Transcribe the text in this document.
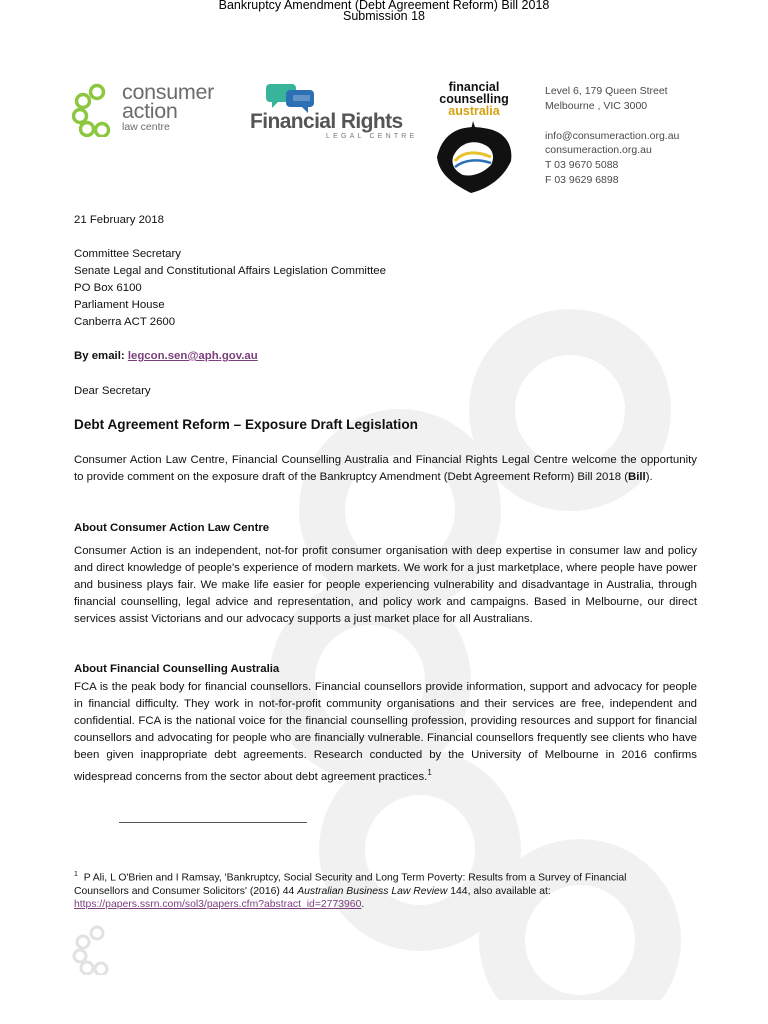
Bankruptcy Amendment (Debt Agreement Reform) Bill 2018
Submission 18
consumer
action
law centre	Financial Rights
LEGAL CENTRE
financial
counselling
australia
Level 6, 179 Queen Street
Melbourne , VIC 3000
info@consumeraction.org.au
consumeraction.org.au
T 03 9670 5088
F 03 9629 6898
21 February 2018
Committee Secretary
Senate Legal and Constitutional Affairs Legislation Committee
PO Box 6100
Parliament House
Canberra ACT 2600
By email: legcon.sen@aph.gov.au
Dear Secretary
Debt Agreement Reform – Exposure Draft Legislation
Consumer Action Law Centre, Financial Counselling Australia and Financial Rights Legal Centre welcome the opportunity to provide comment on the exposure draft of the Bankruptcy Amendment (Debt Agreement Reform) Bill 2018 (Bill).
About Consumer Action Law Centre
Consumer Action is an independent, not-for profit consumer organisation with deep expertise in consumer law and policy and direct knowledge of people's experience of modern markets. We work for a just marketplace, where people have power and business plays fair. We make life easier for people experiencing vulnerability and disadvantage in Australia, through financial counselling, legal advice and representation, and policy work and campaigns. Based in Melbourne, our direct services assist Victorians and our advocacy supports a just market place for all Australians.
About Financial Counselling Australia
FCA is the peak body for financial counsellors. Financial counsellors provide information, support and advocacy for people in financial difficulty. They work in not-for-profit community organisations and their services are free, independent and confidential. FCA is the national voice for the financial counselling profession, providing resources and support for financial counsellors and advocating for people who are financially vulnerable. Financial counsellors frequently see clients who have been given inappropriate debt agreements. Research conducted by the University of Melbourne in 2016 confirms widespread concerns from the sector about debt agreement practices.$^1$
$^1$ P Ali, L O'Brien and I Ramsay, 'Bankruptcy, Social Security and Long Term Poverty: Results from a Survey of Financial Counsellors and Consumer Solicitors' (2016) 44 Australian Business Law Review 144, also available at:
https://papers.ssrn.com/sol3/papers.cfm?abstract_id=2773960.
